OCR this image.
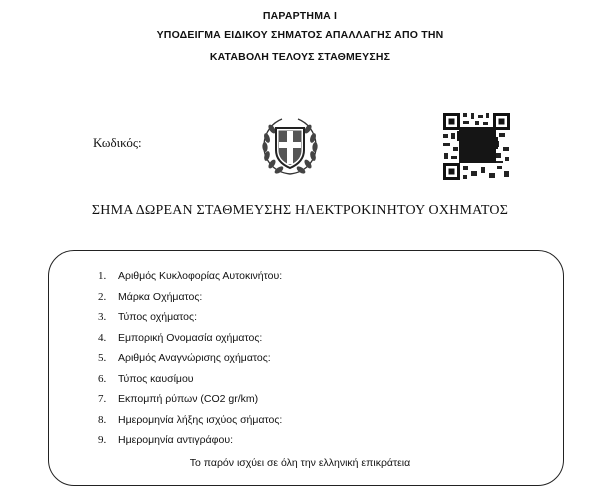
ΠΑΡΑΡΤΗΜΑ Ι
ΥΠΟΔΕΙΓΜΑ ΕΙΔΙΚΟΥ ΣΗΜΑΤΟΣ ΑΠΑΛΛΑΓΗΣ ΑΠΟ ΤΗΝ
ΚΑΤΑΒΟΛΗ ΤΕΛΟΥΣ ΣΤΑΘΜΕΥΣΗΣ
Κωδικός:
ΣΗΜΑ ΔΩΡΕΑΝ ΣΤΑΘΜΕΥΣΗΣ ΗΛΕΚΤΡΟΚΙΝΗΤΟΥ ΟΧΗΜΑΤΟΣ
1. Αριθμός Κυκλοφορίας Αυτοκινήτου:
2. Μάρκα Οχήματος:
3. Τύπος οχήματος:
4. Εμπορική Ονομασία οχήματος:
5. Αριθμός Αναγνώρισης οχήματος:
6. Τύπος καυσίμου
7. Εκπομπή ρύπων (CO2 gr/km)
8. Ημερομηνία λήξης ισχύος σήματος:
9. Ημερομηνία αντιγράφου:
Το παρόν ισχύει σε όλη την ελληνική επικράτεια
